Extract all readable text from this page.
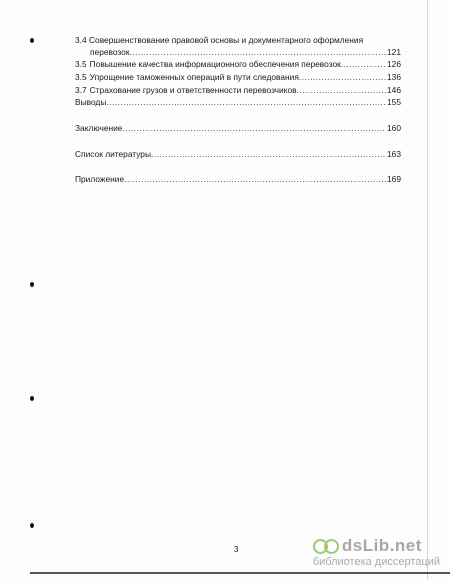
3.4 Совершенствование правовой основы и документарного оформления
перевозок .....	121
3.5 Повышение качества информационного обеспечения перевозок .....	126
3.5 Упрощение таможенных операций в пути следования .....	136
3.7 Страхование грузов и ответственности перевозчиков .....	146
Выводы .....	155
Заключение .....	160
Список литературы .....	163
Приложение .....	169
3	dsLib.net
библиотека диссертаций
